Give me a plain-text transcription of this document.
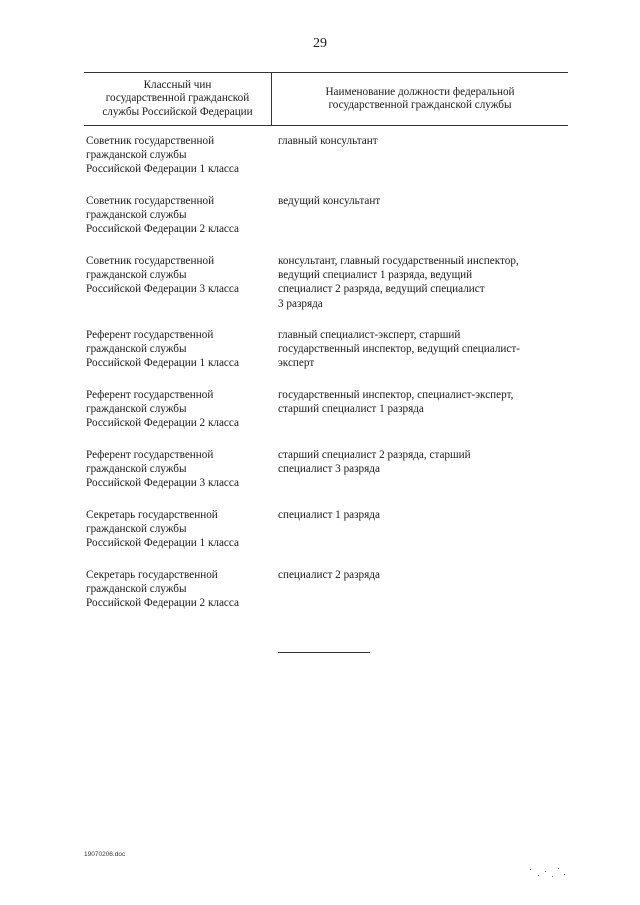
29
Классный чин
государственной гражданской
службы Российской Федерации
Наименование должности федеральной
государственной гражданской службы
Советник государственной
гражданской службы
Российской Федерации 1 класса
главный консультант
Советник государственной
гражданской службы
Российской Федерации 2 класса
ведущий консультант
Советник государственной
гражданской службы
Российской Федерации 3 класса
консультант, главный государственный инспектор,
ведущий специалист 1 разряда, ведущий
специалист 2 разряда, ведущий специалист
3 разряда
Референт государственной
гражданской службы
Российской Федерации 1 класса
главный специалист-эксперт, старший
государственный инспектор, ведущий специалист-
эксперт
Референт государственной
гражданской службы
Российской Федерации 2 класса
государственный инспектор, специалист-эксперт,
старший специалист 1 разряда
Референт государственной
гражданской службы
Российской Федерации 3 класса
старший специалист 2 разряда, старший
специалист 3 разряда
Секретарь государственной
гражданской службы
Российской Федерации 1 класса
специалист 1 разряда
Секретарь государственной
гражданской службы
Российской Федерации 2 класса
специалист 2 разряда
19070206.doc
